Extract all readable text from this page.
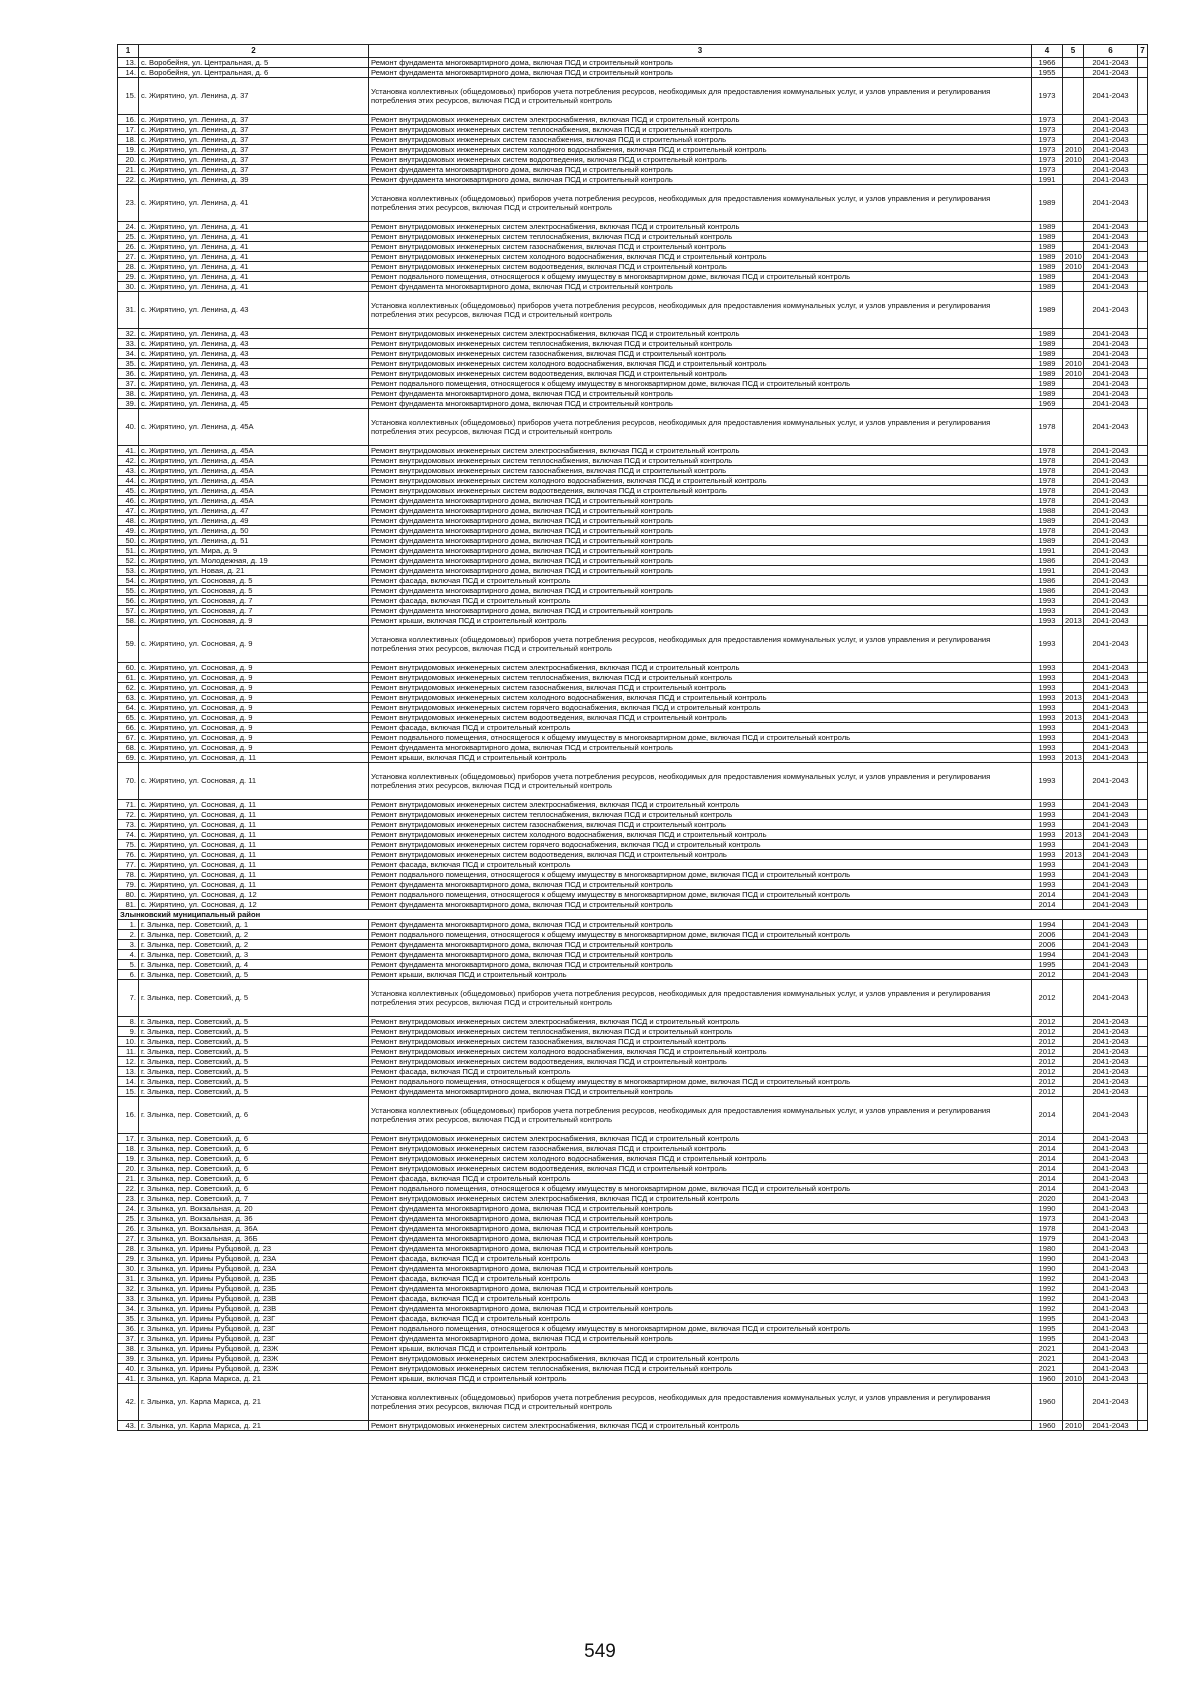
1	2	3	4	5	6	7
13.	с. Воробейня, ул. Центральная, д. 5	Ремонт фундамента многоквартирного дома, включая ПСД и строительный контроль	1966		2041-2043	
14.	с. Воробейня, ул. Центральная, д. 6	Ремонт фундамента многоквартирного дома, включая ПСД и строительный контроль	1955		2041-2043	
15.	с. Жирятино, ул. Ленина, д. 37	Установка коллективных (общедомовых) приборов учета потребления ресурсов, необходимых для предоставления коммунальных услуг, и узлов управления и регулирования потребления этих ресурсов, включая ПСД и строительный контроль	1973		2041-2043	
16.	с. Жирятино, ул. Ленина, д. 37	Ремонт внутридомовых инженерных систем электроснабжения, включая ПСД и строительный контроль	1973		2041-2043	
17.	с. Жирятино, ул. Ленина, д. 37	Ремонт внутридомовых инженерных систем теплоснабжения, включая ПСД и строительный контроль	1973		2041-2043	
18.	с. Жирятино, ул. Ленина, д. 37	Ремонт внутридомовых инженерных систем газоснабжения, включая ПСД и строительный контроль	1973		2041-2043	
19.	с. Жирятино, ул. Ленина, д. 37	Ремонт внутридомовых инженерных систем холодного водоснабжения, включая ПСД и строительный контроль	1973	2010	2041-2043	
20.	с. Жирятино, ул. Ленина, д. 37	Ремонт внутридомовых инженерных систем водоотведения, включая ПСД и строительный контроль	1973	2010	2041-2043	
21.	с. Жирятино, ул. Ленина, д. 37	Ремонт фундамента многоквартирного дома, включая ПСД и строительный контроль	1973		2041-2043	
22.	с. Жирятино, ул. Ленина, д. 39	Ремонт фундамента многоквартирного дома, включая ПСД и строительный контроль	1991		2041-2043	
23.	с. Жирятино, ул. Ленина, д. 41	Установка коллективных (общедомовых) приборов учета потребления ресурсов, необходимых для предоставления коммунальных услуг, и узлов управления и регулирования потребления этих ресурсов, включая ПСД и строительный контроль	1989		2041-2043	
24.	с. Жирятино, ул. Ленина, д. 41	Ремонт внутридомовых инженерных систем электроснабжения, включая ПСД и строительный контроль	1989		2041-2043	
25.	с. Жирятино, ул. Ленина, д. 41	Ремонт внутридомовых инженерных систем теплоснабжения, включая ПСД и строительный контроль	1989		2041-2043	
26.	с. Жирятино, ул. Ленина, д. 41	Ремонт внутридомовых инженерных систем газоснабжения, включая ПСД и строительный контроль	1989		2041-2043	
27.	с. Жирятино, ул. Ленина, д. 41	Ремонт внутридомовых инженерных систем холодного водоснабжения, включая ПСД и строительный контроль	1989	2010	2041-2043	
28.	с. Жирятино, ул. Ленина, д. 41	Ремонт внутридомовых инженерных систем водоотведения, включая ПСД и строительный контроль	1989	2010	2041-2043	
29.	с. Жирятино, ул. Ленина, д. 41	Ремонт подвального помещения, относящегося к общему имуществу в многоквартирном доме, включая ПСД и строительный контроль	1989		2041-2043	
30.	с. Жирятино, ул. Ленина, д. 41	Ремонт фундамента многоквартирного дома, включая ПСД и строительный контроль	1989		2041-2043	
31.	с. Жирятино, ул. Ленина, д. 43	Установка коллективных (общедомовых) приборов учета потребления ресурсов, необходимых для предоставления коммунальных услуг, и узлов управления и регулирования потребления этих ресурсов, включая ПСД и строительный контроль	1989		2041-2043	
32.	с. Жирятино, ул. Ленина, д. 43	Ремонт внутридомовых инженерных систем электроснабжения, включая ПСД и строительный контроль	1989		2041-2043	
33.	с. Жирятино, ул. Ленина, д. 43	Ремонт внутридомовых инженерных систем теплоснабжения, включая ПСД и строительный контроль	1989		2041-2043	
34.	с. Жирятино, ул. Ленина, д. 43	Ремонт внутридомовых инженерных систем газоснабжения, включая ПСД и строительный контроль	1989		2041-2043	
35.	с. Жирятино, ул. Ленина, д. 43	Ремонт внутридомовых инженерных систем холодного водоснабжения, включая ПСД и строительный контроль	1989	2010	2041-2043	
36.	с. Жирятино, ул. Ленина, д. 43	Ремонт внутридомовых инженерных систем водоотведения, включая ПСД и строительный контроль	1989	2010	2041-2043	
37.	с. Жирятино, ул. Ленина, д. 43	Ремонт подвального помещения, относящегося к общему имуществу в многоквартирном доме, включая ПСД и строительный контроль	1989		2041-2043	
38.	с. Жирятино, ул. Ленина, д. 43	Ремонт фундамента многоквартирного дома, включая ПСД и строительный контроль	1989		2041-2043	
39.	с. Жирятино, ул. Ленина, д. 45	Ремонт фундамента многоквартирного дома, включая ПСД и строительный контроль	1969		2041-2043	
40.	с. Жирятино, ул. Ленина, д. 45А	Установка коллективных (общедомовых) приборов учета потребления ресурсов, необходимых для предоставления коммунальных услуг, и узлов управления и регулирования потребления этих ресурсов, включая ПСД и строительный контроль	1978		2041-2043	
41.	с. Жирятино, ул. Ленина, д. 45А	Ремонт внутридомовых инженерных систем электроснабжения, включая ПСД и строительный контроль	1978		2041-2043	
42.	с. Жирятино, ул. Ленина, д. 45А	Ремонт внутридомовых инженерных систем теплоснабжения, включая ПСД и строительный контроль	1978		2041-2043	
43.	с. Жирятино, ул. Ленина, д. 45А	Ремонт внутридомовых инженерных систем газоснабжения, включая ПСД и строительный контроль	1978		2041-2043	
44.	с. Жирятино, ул. Ленина, д. 45А	Ремонт внутридомовых инженерных систем холодного водоснабжения, включая ПСД и строительный контроль	1978		2041-2043	
45.	с. Жирятино, ул. Ленина, д. 45А	Ремонт внутридомовых инженерных систем водоотведения, включая ПСД и строительный контроль	1978		2041-2043	
46.	с. Жирятино, ул. Ленина, д. 45А	Ремонт фундамента многоквартирного дома, включая ПСД и строительный контроль	1978		2041-2043	
47.	с. Жирятино, ул. Ленина, д. 47	Ремонт фундамента многоквартирного дома, включая ПСД и строительный контроль	1988		2041-2043	
48.	с. Жирятино, ул. Ленина, д. 49	Ремонт фундамента многоквартирного дома, включая ПСД и строительный контроль	1989		2041-2043	
49.	с. Жирятино, ул. Ленина, д. 50	Ремонт фундамента многоквартирного дома, включая ПСД и строительный контроль	1978		2041-2043	
50.	с. Жирятино, ул. Ленина, д. 51	Ремонт фундамента многоквартирного дома, включая ПСД и строительный контроль	1989		2041-2043	
51.	с. Жирятино, ул. Мира, д. 9	Ремонт фундамента многоквартирного дома, включая ПСД и строительный контроль	1991		2041-2043	
52.	с. Жирятино, ул. Молодежная, д. 19	Ремонт фундамента многоквартирного дома, включая ПСД и строительный контроль	1986		2041-2043	
53.	с. Жирятино, ул. Новая, д. 21	Ремонт фундамента многоквартирного дома, включая ПСД и строительный контроль	1991		2041-2043	
54.	с. Жирятино, ул. Сосновая, д. 5	Ремонт фасада, включая ПСД и строительный контроль	1986		2041-2043	
55.	с. Жирятино, ул. Сосновая, д. 5	Ремонт фундамента многоквартирного дома, включая ПСД и строительный контроль	1986		2041-2043	
56.	с. Жирятино, ул. Сосновая, д. 7	Ремонт фасада, включая ПСД и строительный контроль	1993		2041-2043	
57.	с. Жирятино, ул. Сосновая, д. 7	Ремонт фундамента многоквартирного дома, включая ПСД и строительный контроль	1993		2041-2043	
58.	с. Жирятино, ул. Сосновая, д. 9	Ремонт крыши, включая ПСД и строительный контроль	1993	2013	2041-2043	
59.	с. Жирятино, ул. Сосновая, д. 9	Установка коллективных (общедомовых) приборов учета потребления ресурсов, необходимых для предоставления коммунальных услуг, и узлов управления и регулирования потребления этих ресурсов, включая ПСД и строительный контроль	1993		2041-2043	
60.	с. Жирятино, ул. Сосновая, д. 9	Ремонт внутридомовых инженерных систем электроснабжения, включая ПСД и строительный контроль	1993		2041-2043	
61.	с. Жирятино, ул. Сосновая, д. 9	Ремонт внутридомовых инженерных систем теплоснабжения, включая ПСД и строительный контроль	1993		2041-2043	
62.	с. Жирятино, ул. Сосновая, д. 9	Ремонт внутридомовых инженерных систем газоснабжения, включая ПСД и строительный контроль	1993		2041-2043	
63.	с. Жирятино, ул. Сосновая, д. 9	Ремонт внутридомовых инженерных систем холодного водоснабжения, включая ПСД и строительный контроль	1993	2013	2041-2043	
64.	с. Жирятино, ул. Сосновая, д. 9	Ремонт внутридомовых инженерных систем горячего водоснабжения, включая ПСД и строительный контроль	1993		2041-2043	
65.	с. Жирятино, ул. Сосновая, д. 9	Ремонт внутридомовых инженерных систем водоотведения, включая ПСД и строительный контроль	1993	2013	2041-2043	
66.	с. Жирятино, ул. Сосновая, д. 9	Ремонт фасада, включая ПСД и строительный контроль	1993		2041-2043	
67.	с. Жирятино, ул. Сосновая, д. 9	Ремонт подвального помещения, относящегося к общему имуществу в многоквартирном доме, включая ПСД и строительный контроль	1993		2041-2043	
68.	с. Жирятино, ул. Сосновая, д. 9	Ремонт фундамента многоквартирного дома, включая ПСД и строительный контроль	1993		2041-2043	
69.	с. Жирятино, ул. Сосновая, д. 11	Ремонт крыши, включая ПСД и строительный контроль	1993	2013	2041-2043	
70.	с. Жирятино, ул. Сосновая, д. 11	Установка коллективных (общедомовых) приборов учета потребления ресурсов, необходимых для предоставления коммунальных услуг, и узлов управления и регулирования потребления этих ресурсов, включая ПСД и строительный контроль	1993		2041-2043	
71.	с. Жирятино, ул. Сосновая, д. 11	Ремонт внутридомовых инженерных систем электроснабжения, включая ПСД и строительный контроль	1993		2041-2043	
72.	с. Жирятино, ул. Сосновая, д. 11	Ремонт внутридомовых инженерных систем теплоснабжения, включая ПСД и строительный контроль	1993		2041-2043	
73.	с. Жирятино, ул. Сосновая, д. 11	Ремонт внутридомовых инженерных систем газоснабжения, включая ПСД и строительный контроль	1993		2041-2043	
74.	с. Жирятино, ул. Сосновая, д. 11	Ремонт внутридомовых инженерных систем холодного водоснабжения, включая ПСД и строительный контроль	1993	2013	2041-2043	
75.	с. Жирятино, ул. Сосновая, д. 11	Ремонт внутридомовых инженерных систем горячего водоснабжения, включая ПСД и строительный контроль	1993		2041-2043	
76.	с. Жирятино, ул. Сосновая, д. 11	Ремонт внутридомовых инженерных систем водоотведения, включая ПСД и строительный контроль	1993	2013	2041-2043	
77.	с. Жирятино, ул. Сосновая, д. 11	Ремонт фасада, включая ПСД и строительный контроль	1993		2041-2043	
78.	с. Жирятино, ул. Сосновая, д. 11	Ремонт подвального помещения, относящегося к общему имуществу в многоквартирном доме, включая ПСД и строительный контроль	1993		2041-2043	
79.	с. Жирятино, ул. Сосновая, д. 11	Ремонт фундамента многоквартирного дома, включая ПСД и строительный контроль	1993		2041-2043	
80.	с. Жирятино, ул. Сосновая, д. 12	Ремонт подвального помещения, относящегося к общему имуществу в многоквартирном доме, включая ПСД и строительный контроль	2014		2041-2043	
81.	с. Жирятино, ул. Сосновая, д. 12	Ремонт фундамента многоквартирного дома, включая ПСД и строительный контроль	2014		2041-2043	
Злынковский муниципальный район						
1.	г. Злынка, пер. Советский, д. 1	Ремонт фундамента многоквартирного дома, включая ПСД и строительный контроль	1994		2041-2043	
2.	г. Злынка, пер. Советский, д. 2	Ремонт подвального помещения, относящегося к общему имуществу в многоквартирном доме, включая ПСД и строительный контроль	2006		2041-2043	
3.	г. Злынка, пер. Советский, д. 2	Ремонт фундамента многоквартирного дома, включая ПСД и строительный контроль	2006		2041-2043	
4.	г. Злынка, пер. Советский, д. 3	Ремонт фундамента многоквартирного дома, включая ПСД и строительный контроль	1994		2041-2043	
5.	г. Злынка, пер. Советский, д. 4	Ремонт фундамента многоквартирного дома, включая ПСД и строительный контроль	1995		2041-2043	
6.	г. Злынка, пер. Советский, д. 5	Ремонт крыши, включая ПСД и строительный контроль	2012		2041-2043	
7.	г. Злынка, пер. Советский, д. 5	Установка коллективных (общедомовых) приборов учета потребления ресурсов, необходимых для предоставления коммунальных услуг, и узлов управления и регулирования потребления этих ресурсов, включая ПСД и строительный контроль	2012		2041-2043	
8.	г. Злынка, пер. Советский, д. 5	Ремонт внутридомовых инженерных систем электроснабжения, включая ПСД и строительный контроль	2012		2041-2043	
9.	г. Злынка, пер. Советский, д. 5	Ремонт внутридомовых инженерных систем теплоснабжения, включая ПСД и строительный контроль	2012		2041-2043	
10.	г. Злынка, пер. Советский, д. 5	Ремонт внутридомовых инженерных систем газоснабжения, включая ПСД и строительный контроль	2012		2041-2043	
11.	г. Злынка, пер. Советский, д. 5	Ремонт внутридомовых инженерных систем холодного водоснабжения, включая ПСД и строительный контроль	2012		2041-2043	
12.	г. Злынка, пер. Советский, д. 5	Ремонт внутридомовых инженерных систем водоотведения, включая ПСД и строительный контроль	2012		2041-2043	
13.	г. Злынка, пер. Советский, д. 5	Ремонт фасада, включая ПСД и строительный контроль	2012		2041-2043	
14.	г. Злынка, пер. Советский, д. 5	Ремонт подвального помещения, относящегося к общему имуществу в многоквартирном доме, включая ПСД и строительный контроль	2012		2041-2043	
15.	г. Злынка, пер. Советский, д. 5	Ремонт фундамента многоквартирного дома, включая ПСД и строительный контроль	2012		2041-2043	
16.	г. Злынка, пер. Советский, д. 6	Установка коллективных (общедомовых) приборов учета потребления ресурсов, необходимых для предоставления коммунальных услуг, и узлов управления и регулирования потребления этих ресурсов, включая ПСД и строительный контроль	2014		2041-2043	
17.	г. Злынка, пер. Советский, д. 6	Ремонт внутридомовых инженерных систем электроснабжения, включая ПСД и строительный контроль	2014		2041-2043	
18.	г. Злынка, пер. Советский, д. 6	Ремонт внутридомовых инженерных систем газоснабжения, включая ПСД и строительный контроль	2014		2041-2043	
19.	г. Злынка, пер. Советский, д. 6	Ремонт внутридомовых инженерных систем холодного водоснабжения, включая ПСД и строительный контроль	2014		2041-2043	
20.	г. Злынка, пер. Советский, д. 6	Ремонт внутридомовых инженерных систем водоотведения, включая ПСД и строительный контроль	2014		2041-2043	
21.	г. Злынка, пер. Советский, д. 6	Ремонт фасада, включая ПСД и строительный контроль	2014		2041-2043	
22.	г. Злынка, пер. Советский, д. 6	Ремонт подвального помещения, относящегося к общему имуществу в многоквартирном доме, включая ПСД и строительный контроль	2014		2041-2043	
23.	г. Злынка, пер. Советский, д. 7	Ремонт внутридомовых инженерных систем электроснабжения, включая ПСД и строительный контроль	2020		2041-2043	
24.	г. Злынка, ул. Вокзальная, д. 20	Ремонт фундамента многоквартирного дома, включая ПСД и строительный контроль	1990		2041-2043	
25.	г. Злынка, ул. Вокзальная, д. 36	Ремонт фундамента многоквартирного дома, включая ПСД и строительный контроль	1973		2041-2043	
26.	г. Злынка, ул. Вокзальная, д. 36А	Ремонт фундамента многоквартирного дома, включая ПСД и строительный контроль	1978		2041-2043	
27.	г. Злынка, ул. Вокзальная, д. 36Б	Ремонт фундамента многоквартирного дома, включая ПСД и строительный контроль	1979		2041-2043	
28.	г. Злынка, ул. Ирины Рубцовой, д. 23	Ремонт фундамента многоквартирного дома, включая ПСД и строительный контроль	1980		2041-2043	
29.	г. Злынка, ул. Ирины Рубцовой, д. 23А	Ремонт фасада, включая ПСД и строительный контроль	1990		2041-2043	
30.	г. Злынка, ул. Ирины Рубцовой, д. 23А	Ремонт фундамента многоквартирного дома, включая ПСД и строительный контроль	1990		2041-2043	
31.	г. Злынка, ул. Ирины Рубцовой, д. 23Б	Ремонт фасада, включая ПСД и строительный контроль	1992		2041-2043	
32.	г. Злынка, ул. Ирины Рубцовой, д. 23Б	Ремонт фундамента многоквартирного дома, включая ПСД и строительный контроль	1992		2041-2043	
33.	г. Злынка, ул. Ирины Рубцовой, д. 23В	Ремонт фасада, включая ПСД и строительный контроль	1992		2041-2043	
34.	г. Злынка, ул. Ирины Рубцовой, д. 23В	Ремонт фундамента многоквартирного дома, включая ПСД и строительный контроль	1992		2041-2043	
35.	г. Злынка, ул. Ирины Рубцовой, д. 23Г	Ремонт фасада, включая ПСД и строительный контроль	1995		2041-2043	
36.	г. Злынка, ул. Ирины Рубцовой, д. 23Г	Ремонт подвального помещения, относящегося к общему имуществу в многоквартирном доме, включая ПСД и строительный контроль	1995		2041-2043	
37.	г. Злынка, ул. Ирины Рубцовой, д. 23Г	Ремонт фундамента многоквартирного дома, включая ПСД и строительный контроль	1995		2041-2043	
38.	г. Злынка, ул. Ирины Рубцовой, д. 23Ж	Ремонт крыши, включая ПСД и строительный контроль	2021		2041-2043	
39.	г. Злынка, ул. Ирины Рубцовой, д. 23Ж	Ремонт внутридомовых инженерных систем электроснабжения, включая ПСД и строительный контроль	2021		2041-2043	
40.	г. Злынка, ул. Ирины Рубцовой, д. 23Ж	Ремонт внутридомовых инженерных систем теплоснабжения, включая ПСД и строительный контроль	2021		2041-2043	
41.	г. Злынка, ул. Карла Маркса, д. 21	Ремонт крыши, включая ПСД и строительный контроль	1960	2010	2041-2043	
42.	г. Злынка, ул. Карла Маркса, д. 21	Установка коллективных (общедомовых) приборов учета потребления ресурсов, необходимых для предоставления коммунальных услуг, и узлов управления и регулирования потребления этих ресурсов, включая ПСД и строительный контроль	1960		2041-2043	
43.	г. Злынка, ул. Карла Маркса, д. 21	Ремонт внутридомовых инженерных систем электроснабжения, включая ПСД и строительный контроль	1960	2010	2041-2043	
549
